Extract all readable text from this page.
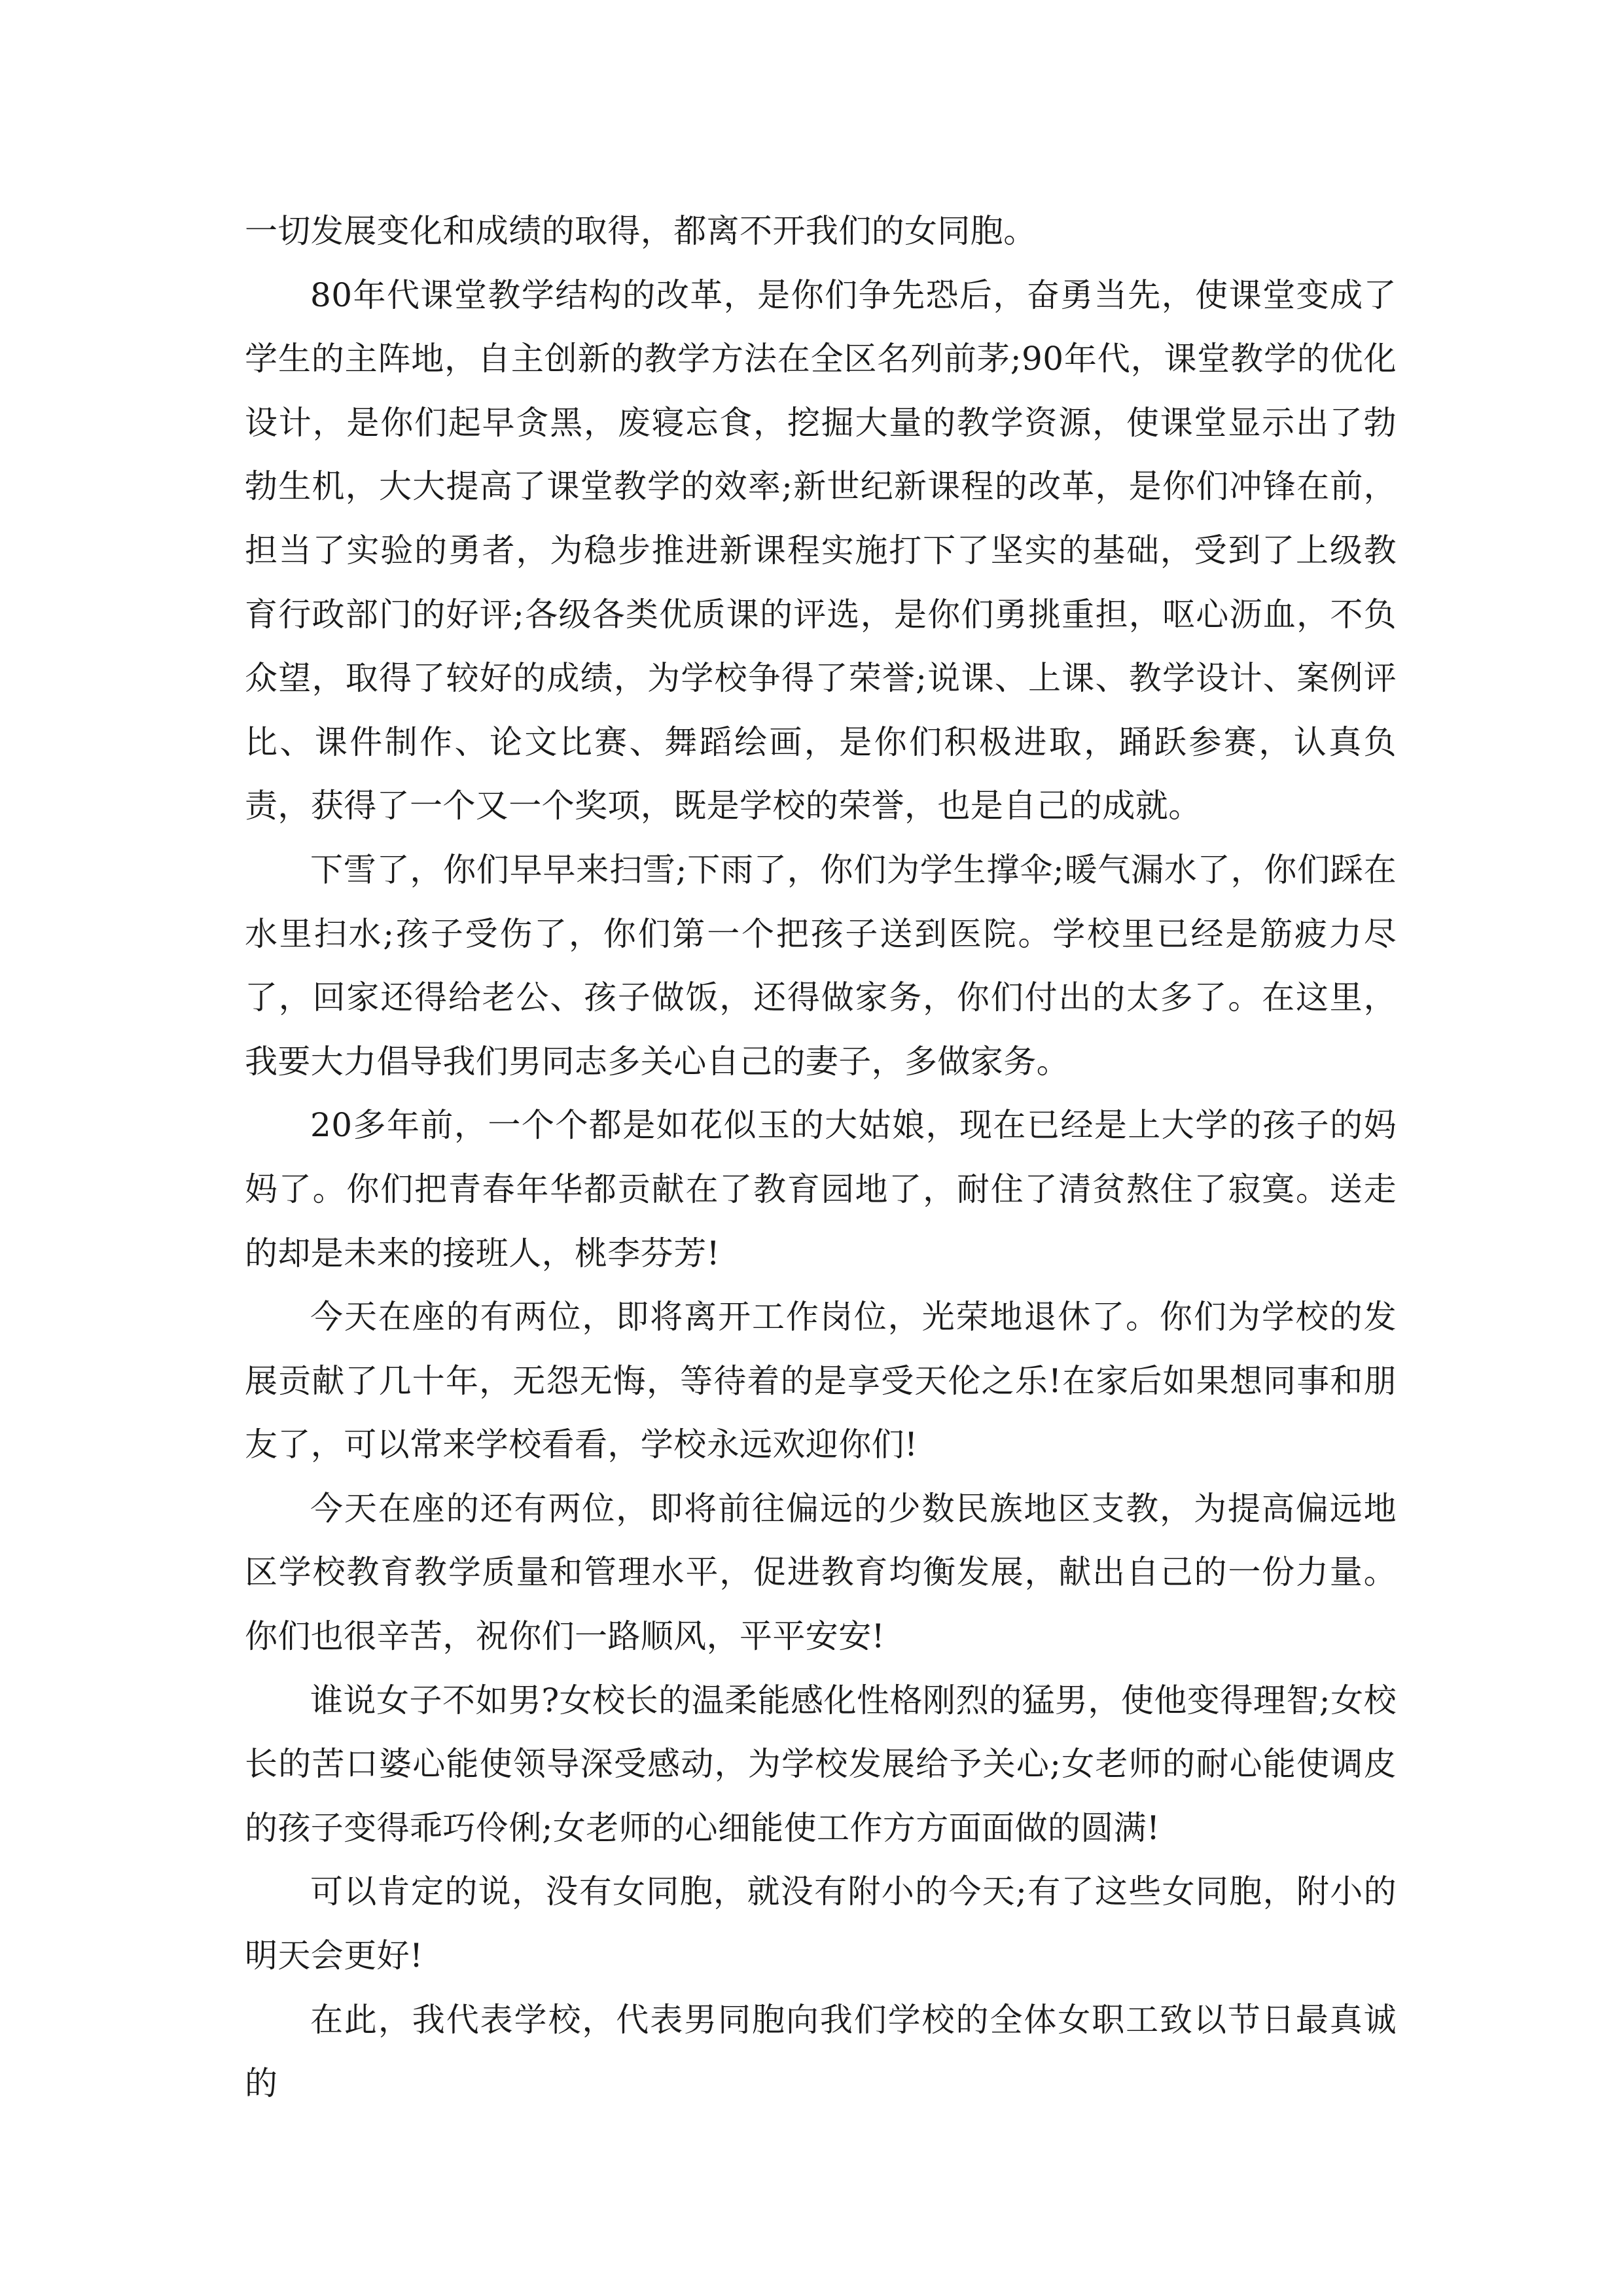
一切发展变化和成绩的取得，都离不开我们的女同胞。

80年代课堂教学结构的改革，是你们争先恐后，奋勇当先，使课堂变成了学生的主阵地，自主创新的教学方法在全区名列前茅;90年代，课堂教学的优化设计，是你们起早贪黑，废寝忘食，挖掘大量的教学资源，使课堂显示出了勃勃生机，大大提高了课堂教学的效率;新世纪新课程的改革，是你们冲锋在前，担当了实验的勇者，为稳步推进新课程实施打下了坚实的基础，受到了上级教育行政部门的好评;各级各类优质课的评选，是你们勇挑重担，呕心沥血，不负众望，取得了较好的成绩，为学校争得了荣誉;说课、上课、教学设计、案例评比、课件制作、论文比赛、舞蹈绘画，是你们积极进取，踊跃参赛，认真负责，获得了一个又一个奖项，既是学校的荣誉，也是自己的成就。

下雪了，你们早早来扫雪;下雨了，你们为学生撑伞;暖气漏水了，你们踩在水里扫水;孩子受伤了，你们第一个把孩子送到医院。学校里已经是筋疲力尽了，回家还得给老公、孩子做饭，还得做家务，你们付出的太多了。在这里，我要大力倡导我们男同志多关心自己的妻子，多做家务。

20多年前，一个个都是如花似玉的大姑娘，现在已经是上大学的孩子的妈妈了。你们把青春年华都贡献在了教育园地了，耐住了清贫熬住了寂寞。送走的却是未来的接班人，桃李芬芳!

今天在座的有两位，即将离开工作岗位，光荣地退休了。你们为学校的发展贡献了几十年，无怨无悔，等待着的是享受天伦之乐!在家后如果想同事和朋友了，可以常来学校看看，学校永远欢迎你们!

今天在座的还有两位，即将前往偏远的少数民族地区支教，为提高偏远地区学校教育教学质量和管理水平，促进教育均衡发展，献出自己的一份力量。你们也很辛苦，祝你们一路顺风，平平安安!

谁说女子不如男?女校长的温柔能感化性格刚烈的猛男，使他变得理智;女校长的苦口婆心能使领导深受感动，为学校发展给予关心;女老师的耐心能使调皮的孩子变得乖巧伶俐;女老师的心细能使工作方方面面做的圆满!

可以肯定的说，没有女同胞，就没有附小的今天;有了这些女同胞，附小的明天会更好!

在此，我代表学校，代表男同胞向我们学校的全体女职工致以节日最真诚的
